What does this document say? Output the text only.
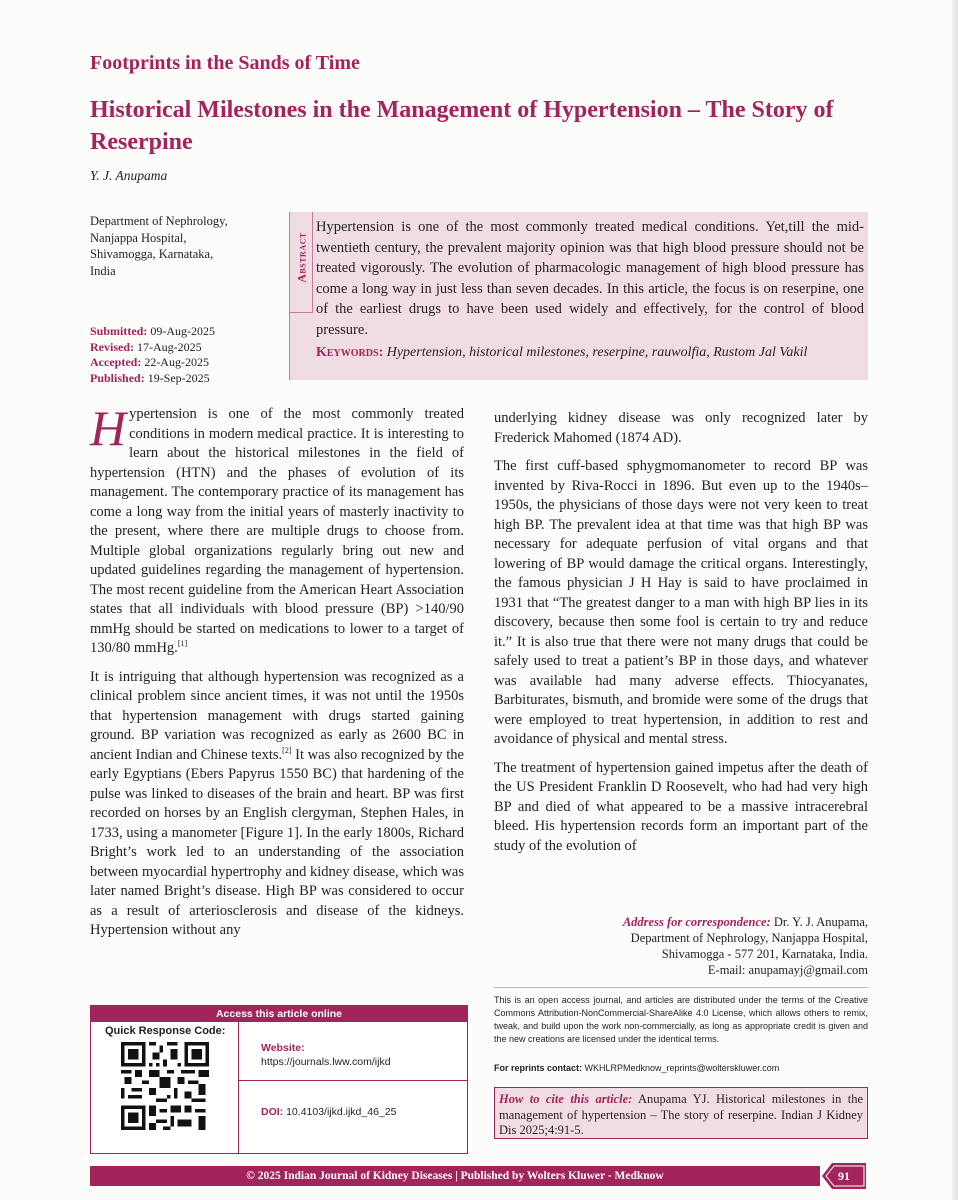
Footprints in the Sands of Time
Historical Milestones in the Management of Hypertension – The Story of Reserpine
Y. J. Anupama
Department of Nephrology,
Nanjappa Hospital,
Shivamogga, Karnataka,
India
Submitted: 09-Aug-2025
Revised: 17-Aug-2025
Accepted: 22-Aug-2025
Published: 19-Sep-2025
Abstract
Hypertension is one of the most commonly treated medical conditions. Yet,till the mid-twentieth century, the prevalent majority opinion was that high blood pressure should not be treated vigorously. The evolution of pharmacologic management of high blood pressure has come a long way in just less than seven decades. In this article, the focus is on reserpine, one of the earliest drugs to have been used widely and effectively, for the control of blood pressure.
Keywords: Hypertension, historical milestones, reserpine, rauwolfia, Rustom Jal Vakil

Hypertension is one of the most commonly treated conditions in modern medical practice. It is interesting to learn about the historical milestones in the field of hypertension (HTN) and the phases of evolution of its management. The contemporary practice of its management has come a long way from the initial years of masterly inactivity to the present, where there are multiple drugs to choose from. Multiple global organizations regularly bring out new and updated guidelines regarding the management of hypertension. The most recent guideline from the American Heart Association states that all individuals with blood pressure (BP) >140/90 mmHg should be started on medications to lower to a target of 130/80 mmHg.[1]

It is intriguing that although hypertension was recognized as a clinical problem since ancient times, it was not until the 1950s that hypertension management with drugs started gaining ground. BP variation was recognized as early as 2600 BC in ancient Indian and Chinese texts.[2] It was also recognized by the early Egyptians (Ebers Papyrus 1550 BC) that hardening of the pulse was linked to diseases of the brain and heart. BP was first recorded on horses by an English clergyman, Stephen Hales, in 1733, using a manometer [Figure 1]. In the early 1800s, Richard Bright’s work led to an understanding of the association between myocardial hypertrophy and kidney disease, which was later named Bright’s disease. High BP was considered to occur as a result of arteriosclerosis and disease of the kidneys. Hypertension without any

underlying kidney disease was only recognized later by Frederick Mahomed (1874 AD).

The first cuff-based sphygmomanometer to record BP was invented by Riva-Rocci in 1896. But even up to the 1940s–1950s, the physicians of those days were not very keen to treat high BP. The prevalent idea at that time was that high BP was necessary for adequate perfusion of vital organs and that lowering of BP would damage the critical organs. Interestingly, the famous physician J H Hay is said to have proclaimed in 1931 that “The greatest danger to a man with high BP lies in its discovery, because then some fool is certain to try and reduce it.” It is also true that there were not many drugs that could be safely used to treat a patient’s BP in those days, and whatever was available had many adverse effects. Thiocyanates, Barbiturates, bismuth, and bromide were some of the drugs that were employed to treat hypertension, in addition to rest and avoidance of physical and mental stress.

The treatment of hypertension gained impetus after the death of the US President Franklin D Roosevelt, who had had very high BP and died of what appeared to be a massive intracerebral bleed. His hypertension records form an important part of the study of the evolution of

Access this article online
Quick Response Code:
Website:
https://journals.lww.com/ijkd
DOI: 10.4103/ijkd.ijkd_46_25
Address for correspondence: Dr. Y. J. Anupama,
Department of Nephrology, Nanjappa Hospital,
Shivamogga - 577 201, Karnataka, India.
E-mail: anupamayj@gmail.com
This is an open access journal, and articles are distributed under the terms of the Creative Commons Attribution-NonCommercial-ShareAlike 4.0 License, which allows others to remix, tweak, and build upon the work non-commercially, as long as appropriate credit is given and the new creations are licensed under the identical terms.
For reprints contact: WKHLRPMedknow_reprints@wolterskluwer.com
How to cite this article: Anupama YJ. Historical milestones in the management of hypertension – The story of reserpine. Indian J Kidney Dis 2025;4:91-5.
© 2025 Indian Journal of Kidney Diseases | Published by Wolters Kluwer - Medknow	91
